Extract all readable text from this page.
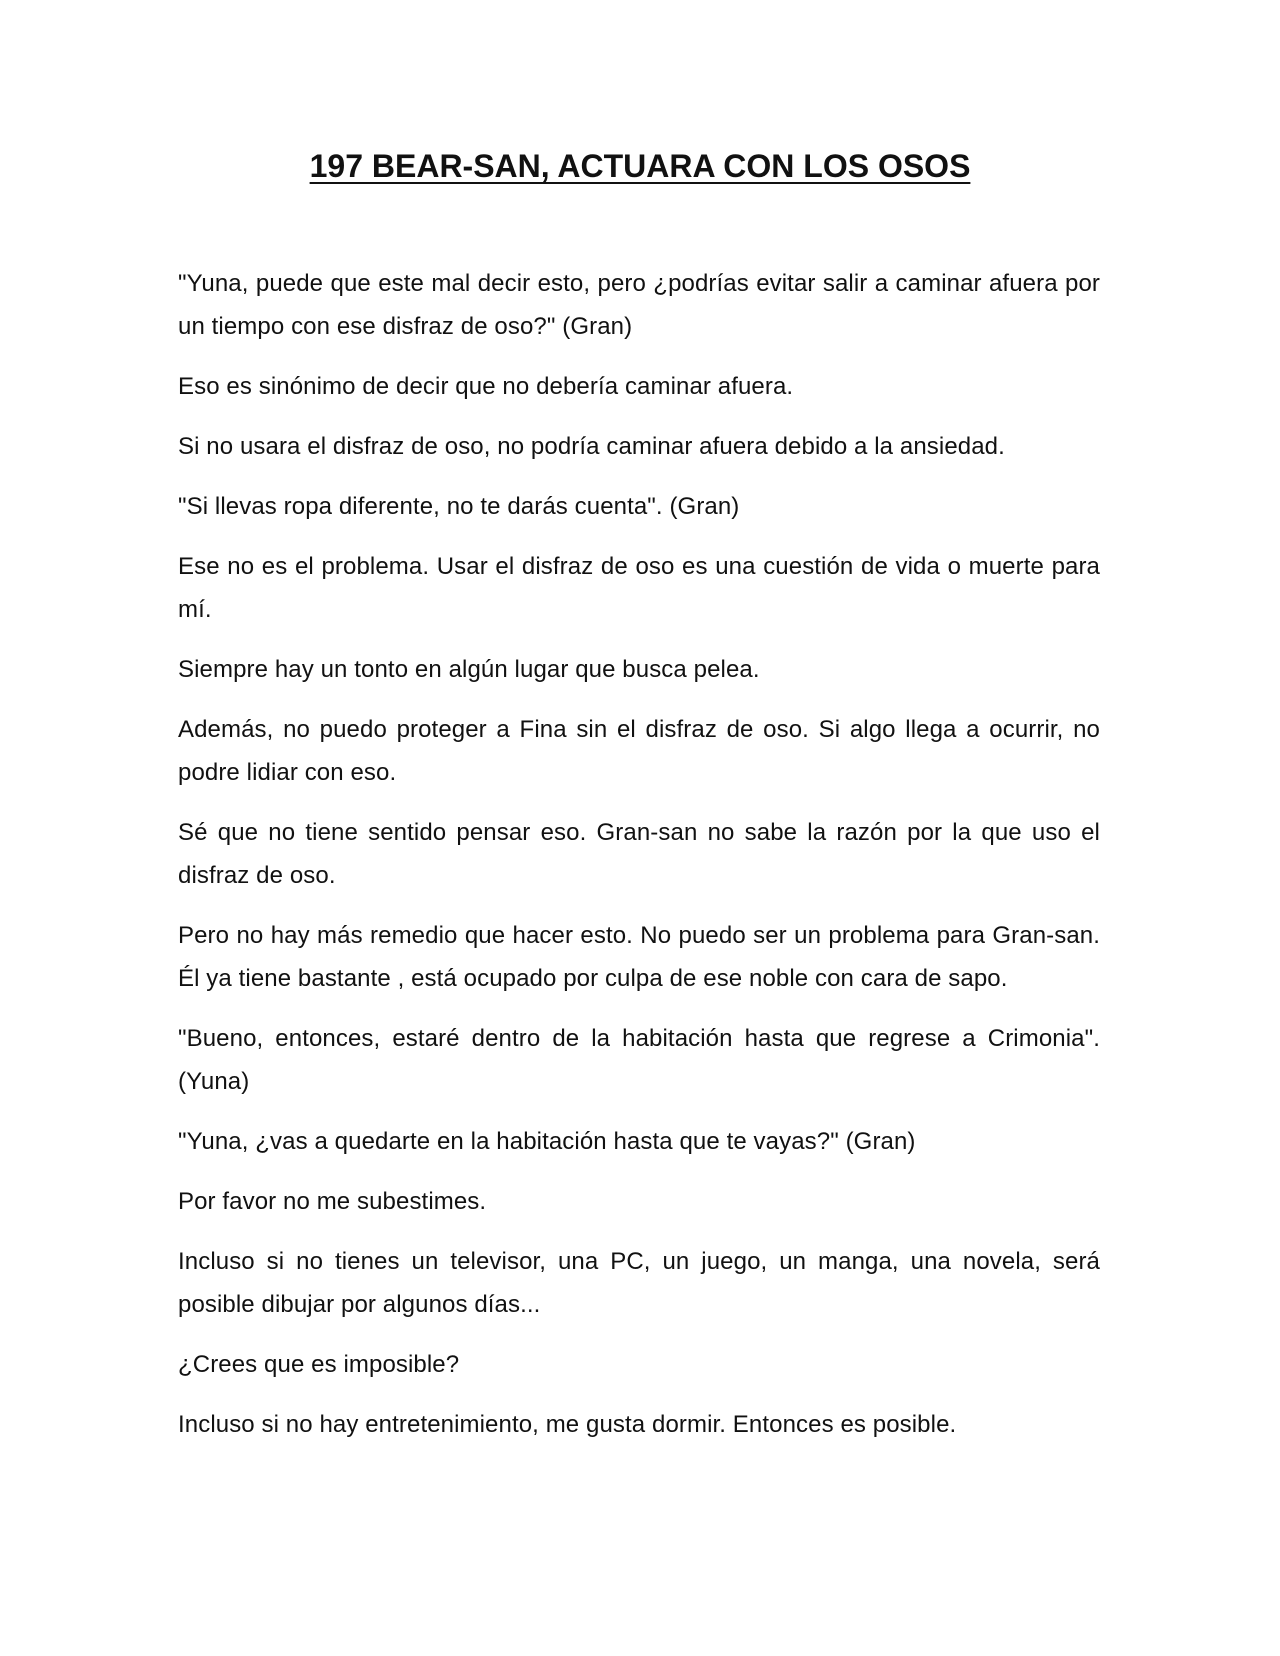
197 BEAR-SAN, ACTUARA CON LOS OSOS

"Yuna, puede que este mal decir esto, pero ¿podrías evitar salir a caminar afuera por un tiempo con ese disfraz de oso?" (Gran)

Eso es sinónimo de decir que no debería caminar afuera.

Si no usara el disfraz de oso, no podría caminar afuera debido a la ansiedad.

"Si llevas ropa diferente, no te darás cuenta". (Gran)

Ese no es el problema. Usar el disfraz de oso es una cuestión de vida o muerte para mí.

Siempre hay un tonto en algún lugar que busca pelea.

Además, no puedo proteger a Fina sin el disfraz de oso. Si algo llega a ocurrir, no podre lidiar con eso.

Sé que no tiene sentido pensar eso. Gran-san no sabe la razón por la que uso el disfraz de oso.

Pero no hay más remedio que hacer esto. No puedo ser un problema para Gran-san. Él ya tiene bastante , está ocupado por culpa de ese noble con cara de sapo.

"Bueno, entonces, estaré dentro de la habitación hasta que regrese a Crimonia". (Yuna)

"Yuna, ¿vas a quedarte en la habitación hasta que te vayas?" (Gran)

Por favor no me subestimes.

Incluso si no tienes un televisor, una PC, un juego, un manga, una novela, será posible dibujar por algunos días...

¿Crees que es imposible?

Incluso si no hay entretenimiento, me gusta dormir. Entonces es posible.
